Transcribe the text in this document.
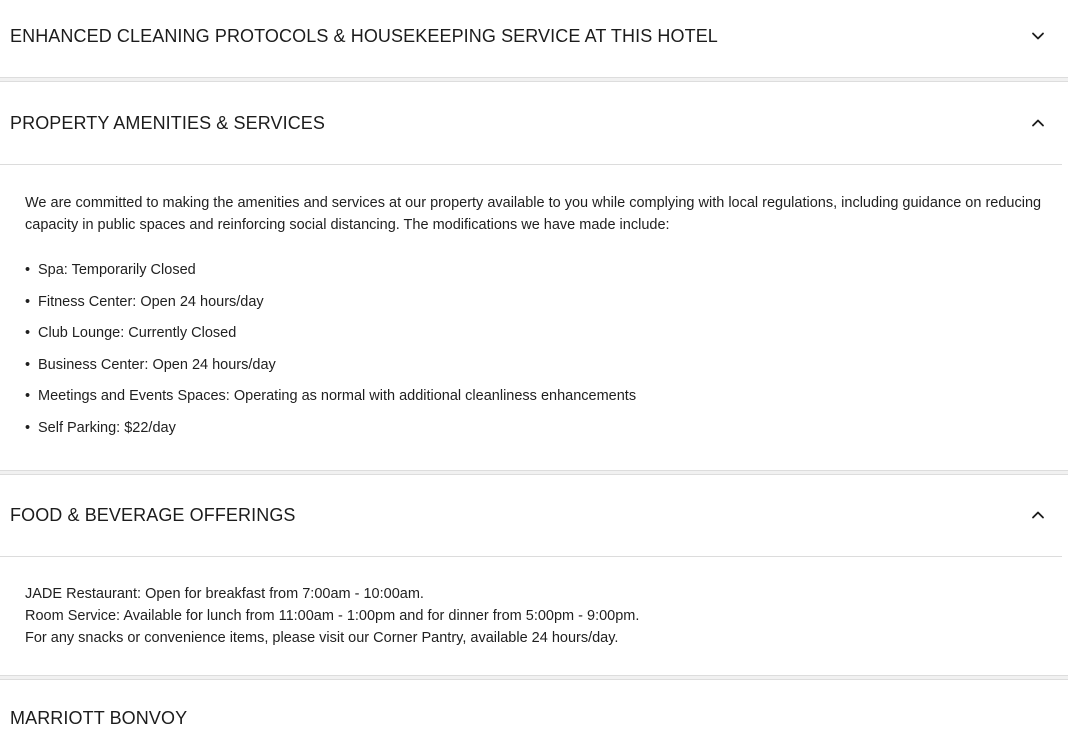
ENHANCED CLEANING PROTOCOLS & HOUSEKEEPING SERVICE AT THIS HOTEL
PROPERTY AMENITIES & SERVICES

We are committed to making the amenities and services at our property available to you while complying with local regulations, including guidance on reducing capacity in public spaces and reinforcing social distancing. The modifications we have made include:

• Spa: Temporarily Closed
• Fitness Center: Open 24 hours/day
• Club Lounge: Currently Closed
• Business Center: Open 24 hours/day
• Meetings and Events Spaces: Operating as normal with additional cleanliness enhancements
• Self Parking: $22/day
FOOD & BEVERAGE OFFERINGS

JADE Restaurant: Open for breakfast from 7:00am - 10:00am.

Room Service: Available for lunch from 11:00am - 1:00pm and for dinner from 5:00pm - 9:00pm.

For any snacks or convenience items, please visit our Corner Pantry, available 24 hours/day.

MARRIOTT BONVOY
